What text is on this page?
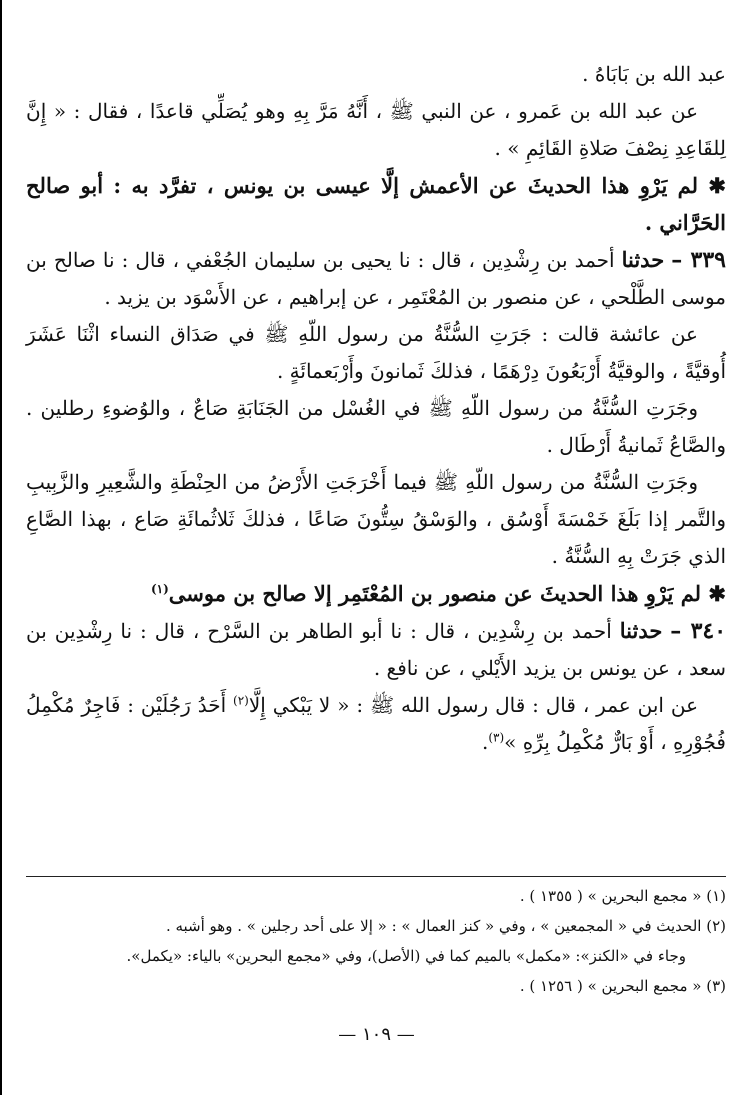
عبد الله بن بَابَاهُ .

عن عبد الله بن عَمرو ، عن النبي ﷺ ، أَنَّهُ مَرَّ بِهِ وهو يُصَلِّي قاعدًا ، فقال : « إِنَّ لِلقَاعِدِ نِصْفَ صَلاةِ القَائِمِ » .

✱ لم يَرْوِ هذا الحديثَ عن الأعمش إلَّا عيسى بن يونس ، تفرَّد به : أبو صالح الحَرَّاني .

٣٣٩ – حدثنا أحمد بن رِشْدِين ، قال : نا يحيى بن سليمان الجُعْفي ، قال : نا صالح بن موسى الطَّلْحي ، عن منصور بن المُعْتَمِر ، عن إبراهيم ، عن الأَسْوَد بن يزيد .

عن عائشة قالت : جَرَتِ السُّنَّةُ من رسول اللّهِ ﷺ في صَدَاق النساء اثْنَا عَشَرَ أُوقيَّةً ، والوقيَّةُ أَرْبَعُونَ دِرْهَمًا ، فذلكَ ثَمانونَ وأَرْبَعمائَةٍ .

وجَرَتِ السُّنَّةُ من رسول اللّهِ ﷺ في الغُسْل من الجَنَابَةِ صَاعٌ ، والوُضوءِ رطلين . والصَّاعُ ثَمانيةُ أَرْطَال .

وجَرَتِ السُّنَّةُ من رسول اللّهِ ﷺ فيما أَخْرَجَتِ الأَرْضُ من الحِنْطَةِ والشَّعِيرِ والزَّبِيبِ والتَّمر إذا بَلَغَ خَمْسَةَ أَوْسُق ، والوَسْقُ سِتُّونَ صَاعًا ، فذلكَ ثَلاثُمائَةِ صَاع ، بهذا الصَّاعِ الذي جَرَتْ بِهِ السُّنَّةُ .

✱ لم يَرْوِ هذا الحديثَ عن منصور بن المُعْتَمِر إلا صالح بن موسى$^{(١)}$

٣٤٠ – حدثنا أحمد بن رِشْدِين ، قال : نا أبو الطاهر بن السَّرْح ، قال : نا رِشْدِين بن سعد ، عن يونس بن يزيد الأَيْلي ، عن نافع .

عن ابن عمر ، قال : قال رسول الله ﷺ : « لا يَبْكي إِلَّا$^{(٢)}$ أَحَدُ رَجُلَيْن : فَاجِرٌ مُكْمِلُ فُجُوْرِهِ ، أَوْ بَارٌّ مُكْمِلُ بِرِّهِ »$^{(٣)}$.

(١) « مجمع البحرين » ( ١٣٥٥ ) .

(٢) الحديث في « المجمعين » ، وفي « كنز العمال » : « إلا على أحد رجلين » . وهو أشبه .

وجاء في «الكنز»: «مكمل» بالميم كما في (الأصل)، وفي «مجمع البحرين» بالياء: «يكمل».

(٣) « مجمع البحرين » ( ١٢٥٦ ) .

— ١٠٩ —
